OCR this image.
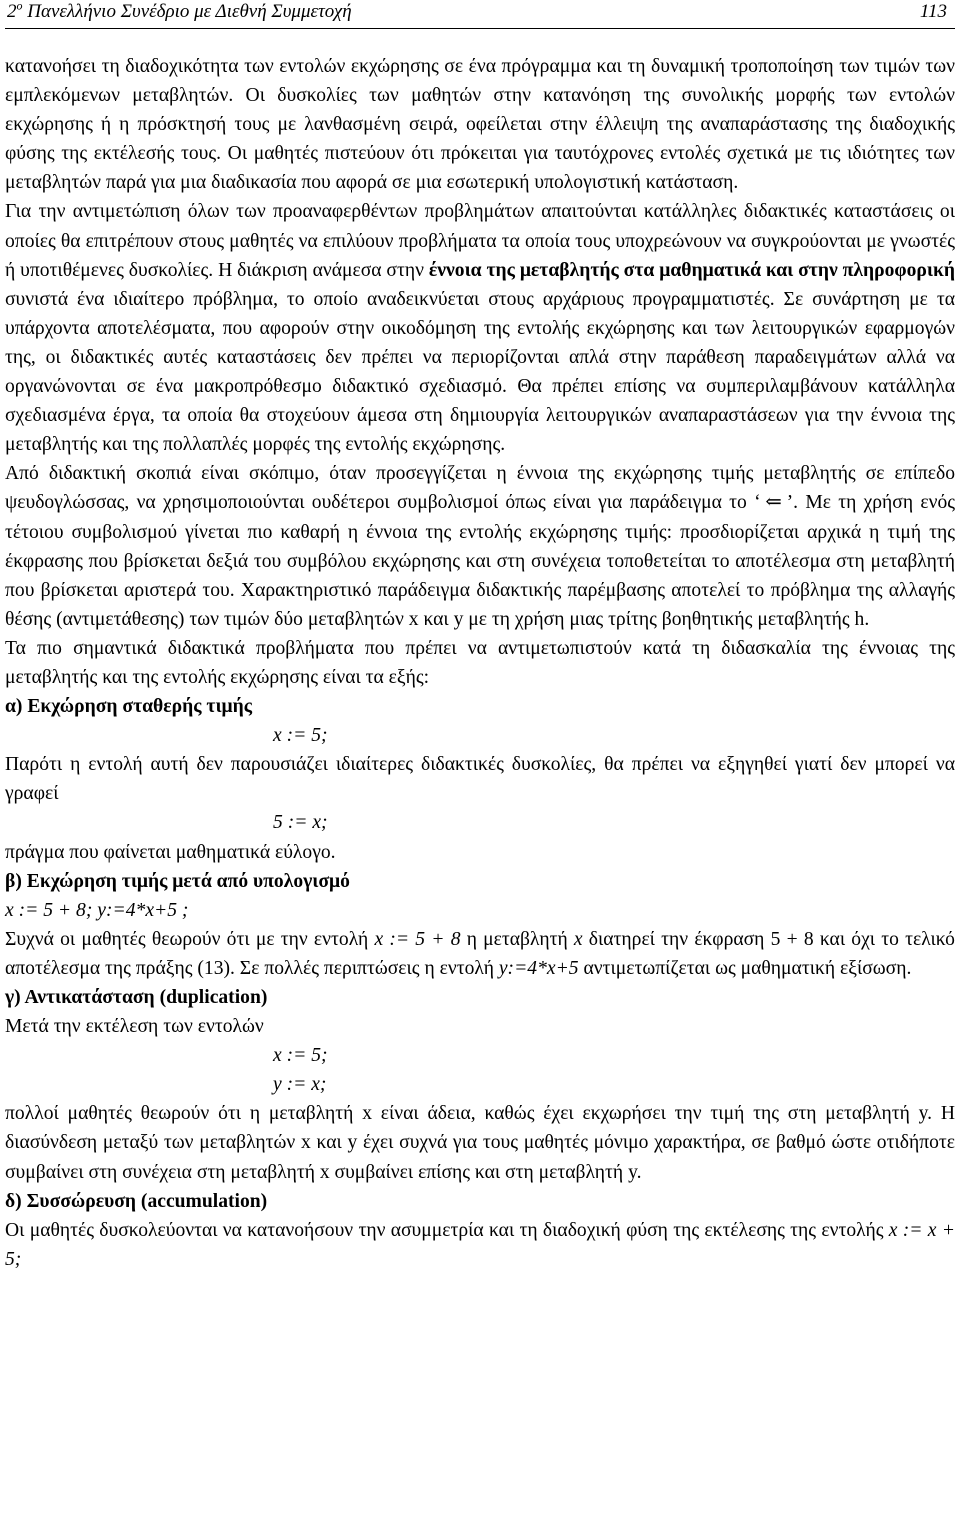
$2^o$ Πανελλήνιο Συνέδριο με Διεθνή Συμμετοχή	113

κατανοήσει τη διαδοχικότητα των εντολών εκχώρησης σε ένα πρόγραμμα και τη δυναμική τροποποίηση των τιμών των εμπλεκόμενων μεταβλητών. Οι δυσκολίες των μαθητών στην κατανόηση της συνολικής μορφής των εντολών εκχώρησης ή η πρόσκτησή τους με λανθασμένη σειρά, οφείλεται στην έλλειψη της αναπαράστασης της διαδοχικής φύσης της εκτέλεσής τους. Οι μαθητές πιστεύουν ότι πρόκειται για ταυτόχρονες εντολές σχετικά με τις ιδιότητες των μεταβλητών παρά για μια διαδικασία που αφορά σε μια εσωτερική υπολογιστική κατάσταση.

Για την αντιμετώπιση όλων των προαναφερθέντων προβλημάτων απαιτούνται κατάλληλες διδακτικές καταστάσεις οι οποίες θα επιτρέπουν στους μαθητές να επιλύουν προβλήματα τα οποία τους υποχρεώνουν να συγκρούονται με γνωστές ή υποτιθέμενες δυσκολίες. Η διάκριση ανάμεσα στην έννοια της μεταβλητής στα μαθηματικά και στην πληροφορική συνιστά ένα ιδιαίτερο πρόβλημα, το οποίο αναδεικνύεται στους αρχάριους προγραμματιστές. Σε συνάρτηση με τα υπάρχοντα αποτελέσματα, που αφορούν στην οικοδόμηση της εντολής εκχώρησης και των λειτουργικών εφαρμογών της, οι διδακτικές αυτές καταστάσεις δεν πρέπει να περιορίζονται απλά στην παράθεση παραδειγμάτων αλλά να οργανώνονται σε ένα μακροπρόθεσμο διδακτικό σχεδιασμό. Θα πρέπει επίσης να συμπεριλαμβάνουν κατάλληλα σχεδιασμένα έργα, τα οποία θα στοχεύουν άμεσα στη δημιουργία λειτουργικών αναπαραστάσεων για την έννοια της μεταβλητής και της πολλαπλές μορφές της εντολής εκχώρησης.

Από διδακτική σκοπιά είναι σκόπιμο, όταν προσεγγίζεται η έννοια της εκχώρησης τιμής μεταβλητής σε επίπεδο ψευδογλώσσας, να χρησιμοποιούνται ουδέτεροι συμβολισμοί όπως είναι για παράδειγμα το ‘ ⇐ ’. Με τη χρήση ενός τέτοιου συμβολισμού γίνεται πιο καθαρή η έννοια της εντολής εκχώρησης τιμής: προσδιορίζεται αρχικά η τιμή της έκφρασης που βρίσκεται δεξιά του συμβόλου εκχώρησης και στη συνέχεια τοποθετείται το αποτέλεσμα στη μεταβλητή που βρίσκεται αριστερά του. Χαρακτηριστικό παράδειγμα διδακτικής παρέμβασης αποτελεί το πρόβλημα της αλλαγής θέσης (αντιμετάθεσης) των τιμών δύο μεταβλητών x και y με τη χρήση μιας τρίτης βοηθητικής μεταβλητής h.

Τα πιο σημαντικά διδακτικά προβλήματα που πρέπει να αντιμετωπιστούν κατά τη διδασκαλία της έννοιας της μεταβλητής και της εντολής εκχώρησης είναι τα εξής:

α) Εκχώρηση σταθερής τιμής

x := 5;

Παρότι η εντολή αυτή δεν παρουσιάζει ιδιαίτερες διδακτικές δυσκολίες, θα πρέπει να εξηγηθεί γιατί δεν μπορεί να γραφεί

5 := x;

πράγμα που φαίνεται μαθηματικά εύλογο.

β) Εκχώρηση τιμής μετά από υπολογισμό

x := 5 + 8; y:=4*x+5 ;

Συχνά οι μαθητές θεωρούν ότι με την εντολή x := 5 + 8 η μεταβλητή x διατηρεί την έκφραση 5 + 8 και όχι το τελικό αποτέλεσμα της πράξης (13). Σε πολλές περιπτώσεις η εντολή y:=4*x+5 αντιμετωπίζεται ως μαθηματική εξίσωση.

γ) Αντικατάσταση (duplication)

Μετά την εκτέλεση των εντολών

x := 5;

y := x;

πολλοί μαθητές θεωρούν ότι η μεταβλητή x είναι άδεια, καθώς έχει εκχωρήσει την τιμή της στη μεταβλητή y. Η διασύνδεση μεταξύ των μεταβλητών x και y έχει συχνά για τους μαθητές μόνιμο χαρακτήρα, σε βαθμό ώστε οτιδήποτε συμβαίνει στη συνέχεια στη μεταβλητή x συμβαίνει επίσης και στη μεταβλητή y.

δ) Συσσώρευση (accumulation)

Οι μαθητές δυσκολεύονται να κατανοήσουν την ασυμμετρία και τη διαδοχική φύση της εκτέλεσης της εντολής x := x + 5;
